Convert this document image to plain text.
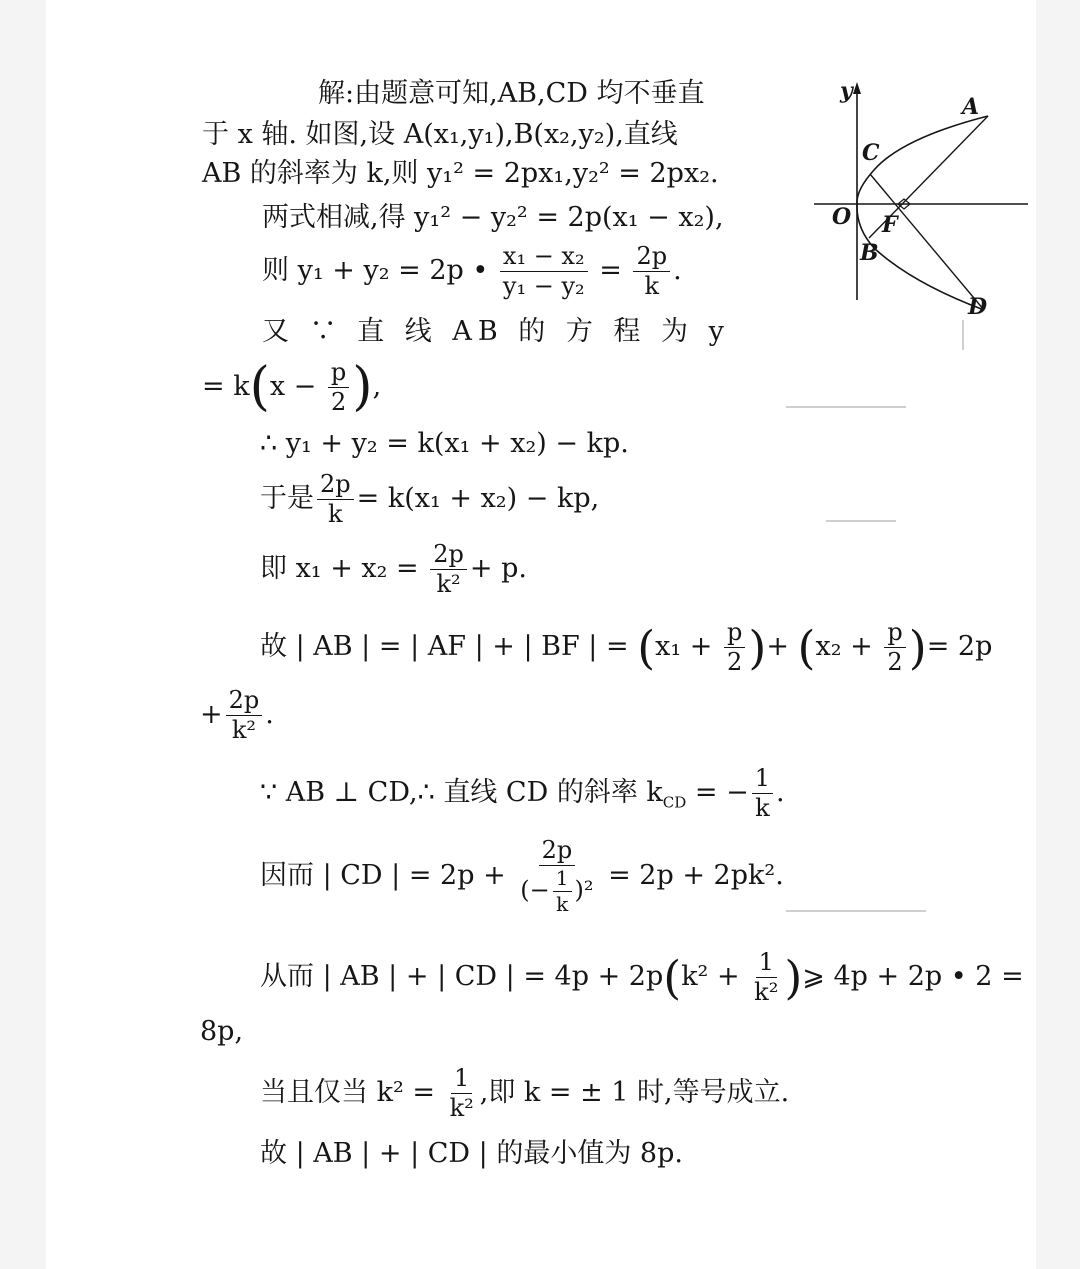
解:由题意可知,AB,CD 均不垂直
于 x 轴. 如图,设 A(x₁,y₁),B(x₂,y₂),直线
AB 的斜率为 k,则 y₁² = 2px₁,y₂² = 2px₂.
两式相减,得 y₁² − y₂² = 2p(x₁ − x₂),
则 y₁ + y₂ = 2p • $\frac{\text{x₁ − x₂}}{\text{y₁ − y₂}} = \frac{2p}{k}$ .
又 ∵ 直 线 AB 的 方 程 为 y
= $k(x - \frac{p}{2}$ ),
∴ y₁ + y₂ = k(x₁ + x₂) − kp.
于是 $\frac{2p}{k} = k(x_1 + x_2)$ − kp,
即 $x_1 + x_2 = \frac{2p}{\text{k²}} + p$.
故 | AB | = | AF | + | BF | = ($x_1 + \frac{p}{2}$ )+ ($x_2 + \frac{p}{2}$ )= 2p
+ $\frac{2p}{\text{k²}}$ .
∵ AB ⊥ CD,∴ 直线 CD 的斜率 $k_{CD}$ = − $\frac{1}{k}$ .
因而 | CD | = $2p + \frac{2p}{(- \frac{1}{k} )^2} = 2p + 2pk^2$.
从而 | AB | + | CD | = $4p + 2p(k^2 + \frac{1}{\text{k²}}$ )⩾ 4p + 2p • 2 =
8p,
当且仅当 $k^2 = \frac{1}{\text{k²}}$ ,即 k = ± 1 时,等号成立.
故 | AB | + | CD | 的最小值为 8p.
y
A
C
O F
B
D
